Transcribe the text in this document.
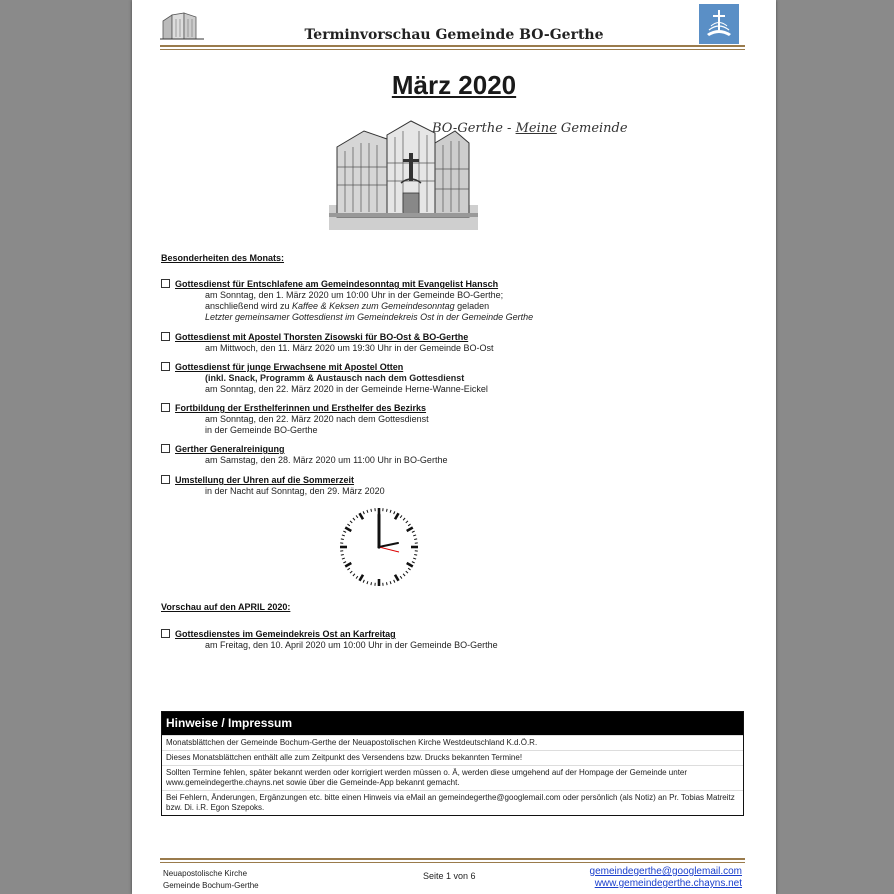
Terminvorschau Gemeinde BO-Gerthe
März 2020
BO-Gerthe - Meine Gemeinde
Besonderheiten des Monats:
Gottesdienst für Entschlafene am Gemeindesonntag mit Evangelist Hansch
am Sonntag, den 1. März 2020 um 10:00 Uhr in der Gemeinde BO-Gerthe;
anschließend wird zu Kaffee & Keksen zum Gemeindesonntag geladen
Letzter gemeinsamer Gottesdienst im Gemeindekreis Ost in der Gemeinde Gerthe
Gottesdienst mit Apostel Thorsten Zisowski für BO-Ost & BO-Gerthe
am Mittwoch, den 11. März 2020 um 19:30 Uhr in der Gemeinde BO-Ost
Gottesdienst für junge Erwachsene mit Apostel Otten
(inkl. Snack, Programm & Austausch nach dem Gottesdienst
am Sonntag, den 22. März 2020 in der Gemeinde Herne-Wanne-Eickel
Fortbildung der Ersthelferinnen und Ersthelfer des Bezirks
am Sonntag, den 22. März 2020 nach dem Gottesdienst
in der Gemeinde BO-Gerthe
Gerther Generalreinigung
am Samstag, den 28. März 2020 um 11:00 Uhr in BO-Gerthe
Umstellung der Uhren auf die Sommerzeit
in der Nacht auf Sonntag, den 29. März 2020
Vorschau auf den APRIL 2020:
Gottesdienstes im Gemeindekreis Ost an Karfreitag
am Freitag, den 10. April 2020 um 10:00 Uhr in der Gemeinde BO-Gerthe
Hinweise / Impressum
Monatsblättchen der Gemeinde Bochum-Gerthe der Neuapostolischen Kirche Westdeutschland K.d.Ö.R.
Dieses Monatsblättchen enthält alle zum Zeitpunkt des Versendens bzw. Drucks bekannten Termine!
Sollten Termine fehlen, später bekannt werden oder korrigiert werden müssen o. Ä, werden diese umgehend auf der Hompage der Gemeinde unter www.gemeindegerthe.chayns.net sowie über die Gemeinde-App bekannt gemacht.
Bei Fehlern, Änderungen, Ergänzungen etc. bitte einen Hinweis via eMail an gemeindegerthe@googlemail.com oder persönlich (als Notiz) an Pr. Tobias Matreitz bzw. Di. i.R. Egon Szepoks.
Neuapostolische Kirche
Gemeinde Bochum-Gerthe
Seite 1 von 6	gemeindegerthe@googlemail.com
www.gemeindegerthe.chayns.net
